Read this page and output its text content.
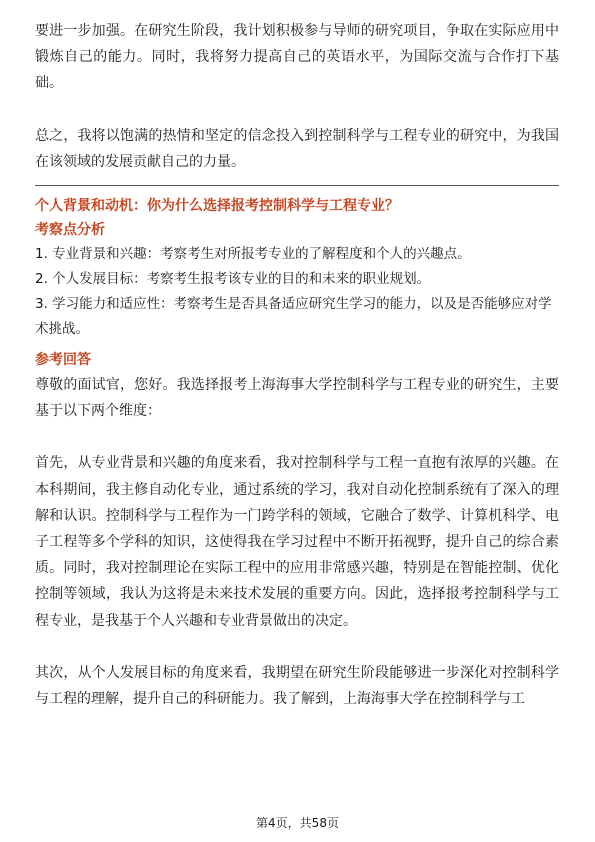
要进一步加强。在研究生阶段，我计划积极参与导师的研究项目，争取在实际应用中锻炼自己的能力。同时，我将努力提高自己的英语水平，为国际交流与合作打下基础。

总之，我将以饱满的热情和坚定的信念投入到控制科学与工程专业的研究中，为我国在该领域的发展贡献自己的力量。

个人背景和动机：你为什么选择报考控制科学与工程专业？

考察点分析

1. 专业背景和兴趣：考察考生对所报考专业的了解程度和个人的兴趣点。

2. 个人发展目标：考察考生报考该专业的目的和未来的职业规划。

3. 学习能力和适应性：考察考生是否具备适应研究生学习的能力，以及是否能够应对学术挑战。

参考回答

尊敬的面试官，您好。我选择报考上海海事大学控制科学与工程专业的研究生，主要基于以下两个维度：

首先，从专业背景和兴趣的角度来看，我对控制科学与工程一直抱有浓厚的兴趣。在本科期间，我主修自动化专业，通过系统的学习，我对自动化控制系统有了深入的理解和认识。控制科学与工程作为一门跨学科的领域，它融合了数学、计算机科学、电子工程等多个学科的知识，这使得我在学习过程中不断开拓视野，提升自己的综合素质。同时，我对控制理论在实际工程中的应用非常感兴趣，特别是在智能控制、优化控制等领域，我认为这将是未来技术发展的重要方向。因此，选择报考控制科学与工程专业，是我基于个人兴趣和专业背景做出的决定。

其次，从个人发展目标的角度来看，我期望在研究生阶段能够进一步深化对控制科学与工程的理解，提升自己的科研能力。我了解到，上海海事大学在控制科学与工

第4页，共58页
